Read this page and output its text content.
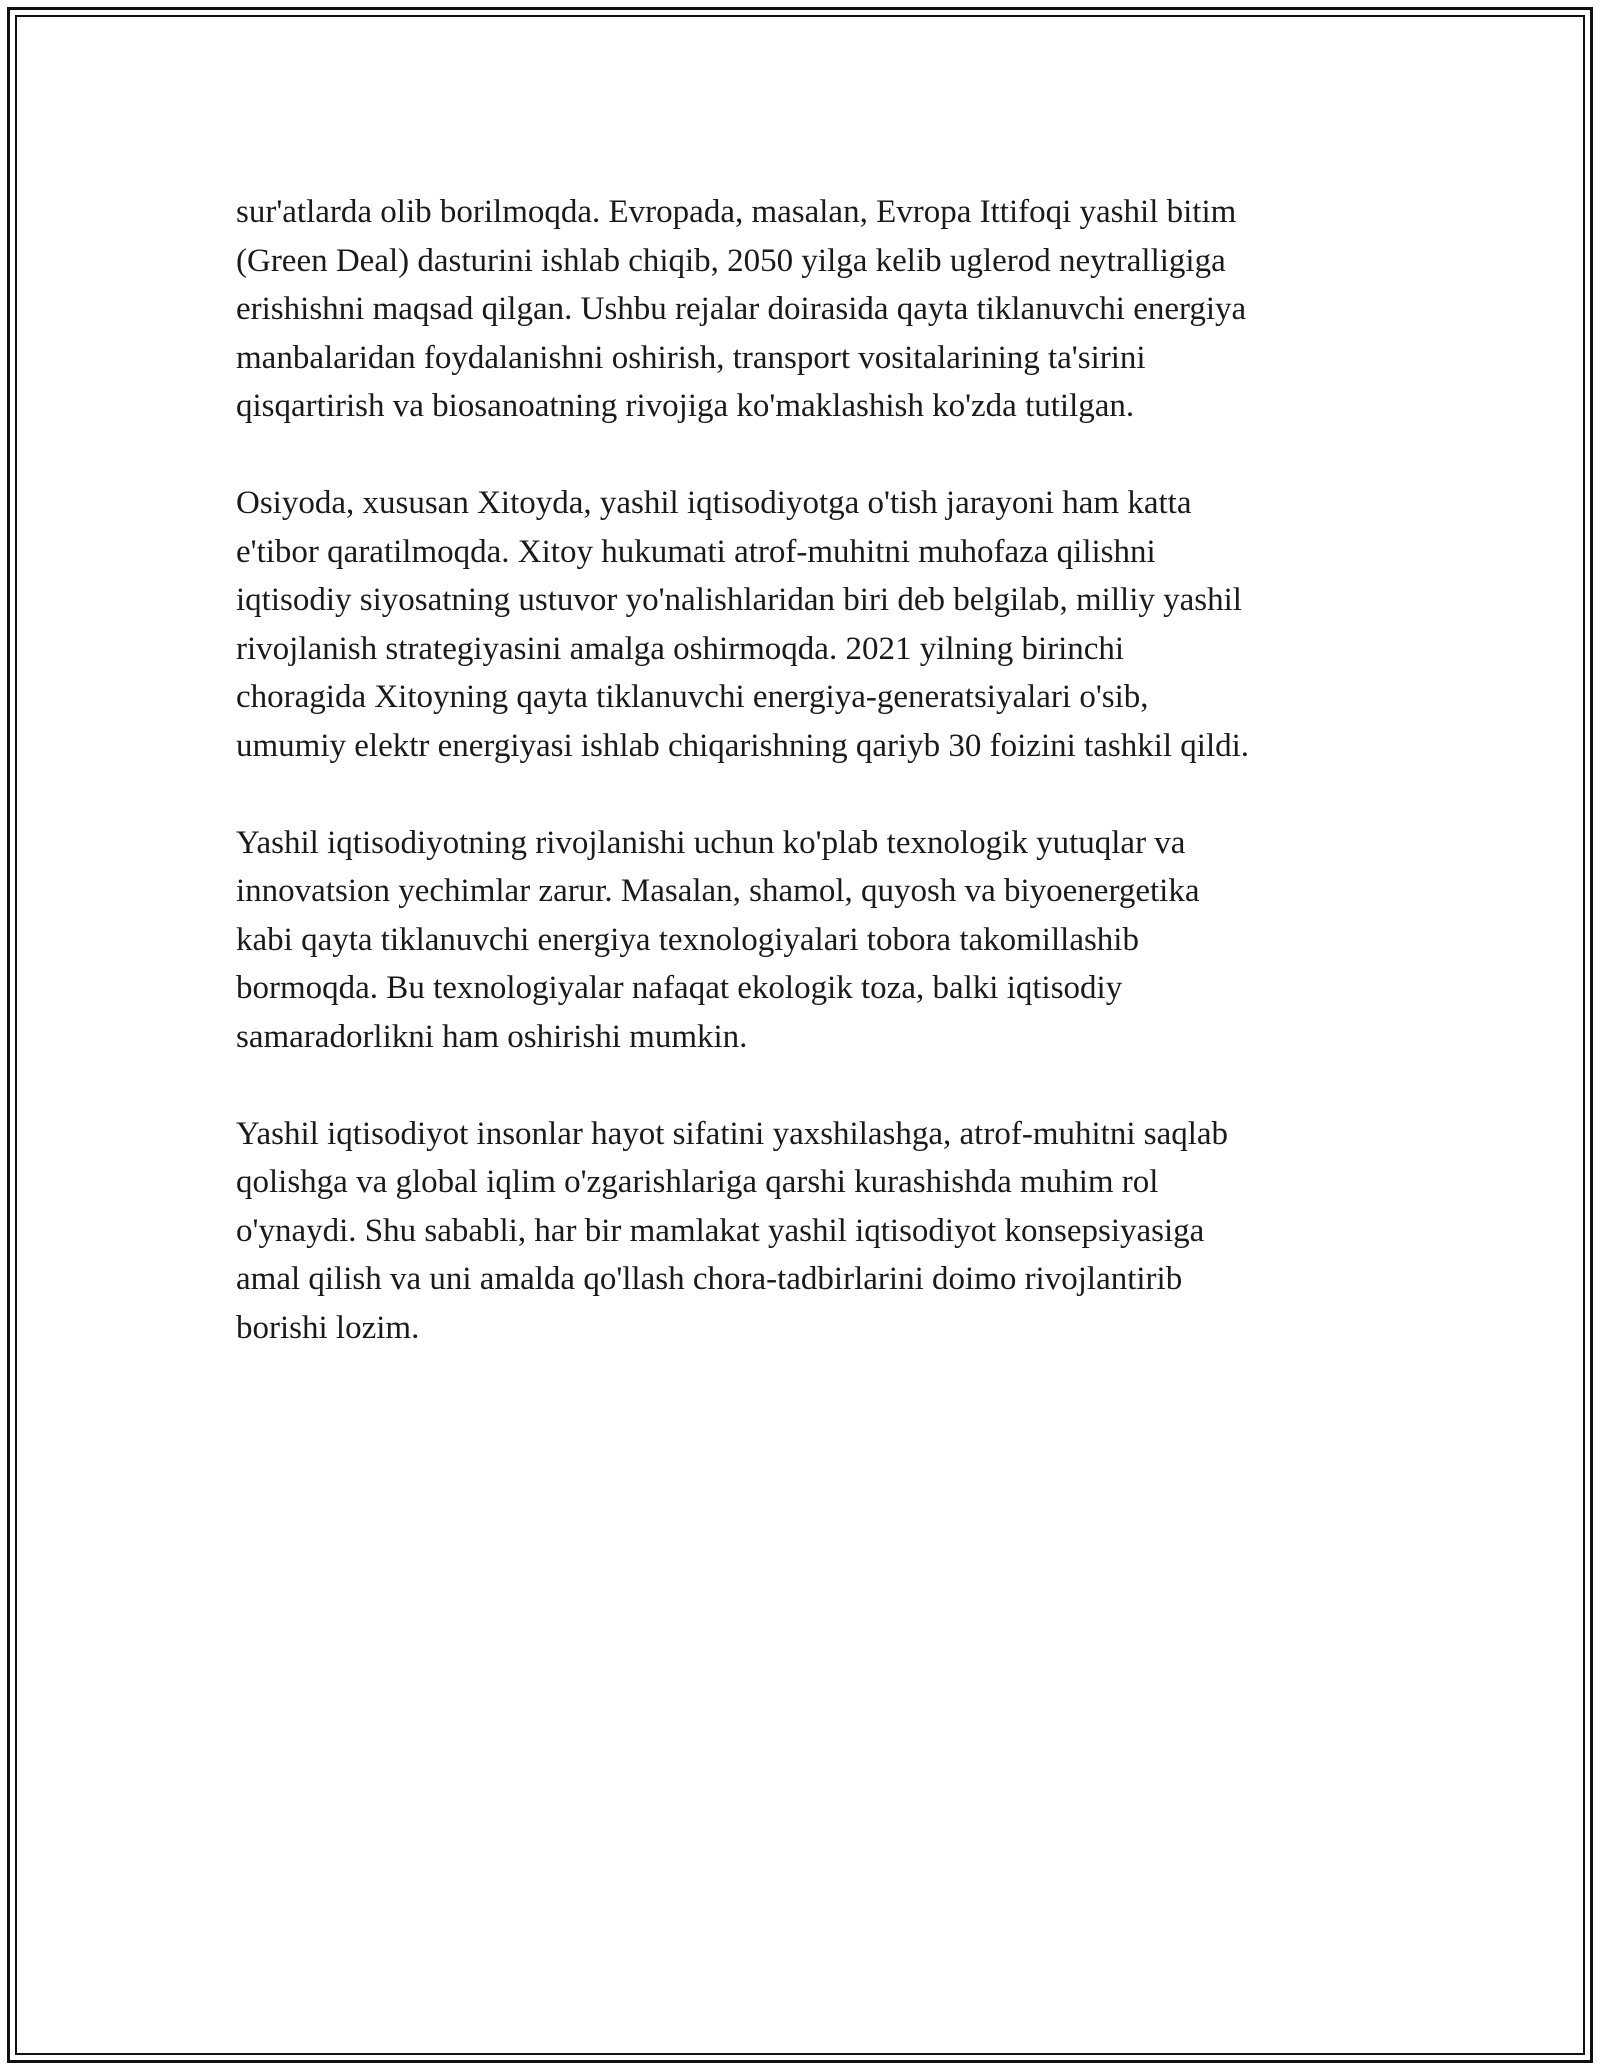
sur'atlarda olib borilmoqda. Evropada, masalan, Evropa Ittifoqi yashil bitim
(Green Deal) dasturini ishlab chiqib, 2050 yilga kelib uglerod neytralligiga
erishishni maqsad qilgan. Ushbu rejalar doirasida qayta tiklanuvchi energiya
manbalaridan foydalanishni oshirish, transport vositalarining ta'sirini
qisqartirish va biosanoatning rivojiga ko'maklashish ko'zda tutilgan.

Osiyoda, xususan Xitoyda, yashil iqtisodiyotga o'tish jarayoni ham katta
e'tibor qaratilmoqda. Xitoy hukumati atrof-muhitni muhofaza qilishni
iqtisodiy siyosatning ustuvor yo'nalishlaridan biri deb belgilab, milliy yashil
rivojlanish strategiyasini amalga oshirmoqda. 2021 yilning birinchi
choragida Xitoyning qayta tiklanuvchi energiya-generatsiyalari o'sib,
umumiy elektr energiyasi ishlab chiqarishning qariyb 30 foizini tashkil qildi.

Yashil iqtisodiyotning rivojlanishi uchun ko'plab texnologik yutuqlar va
innovatsion yechimlar zarur. Masalan, shamol, quyosh va biyoenergetika
kabi qayta tiklanuvchi energiya texnologiyalari tobora takomillashib
bormoqda. Bu texnologiyalar nafaqat ekologik toza, balki iqtisodiy
samaradorlikni ham oshirishi mumkin.

Yashil iqtisodiyot insonlar hayot sifatini yaxshilashga, atrof-muhitni saqlab
qolishga va global iqlim o'zgarishlariga qarshi kurashishda muhim rol
o'ynaydi. Shu sababli, har bir mamlakat yashil iqtisodiyot konsepsiyasiga
amal qilish va uni amalda qo'llash chora-tadbirlarini doimo rivojlantirib
borishi lozim.
